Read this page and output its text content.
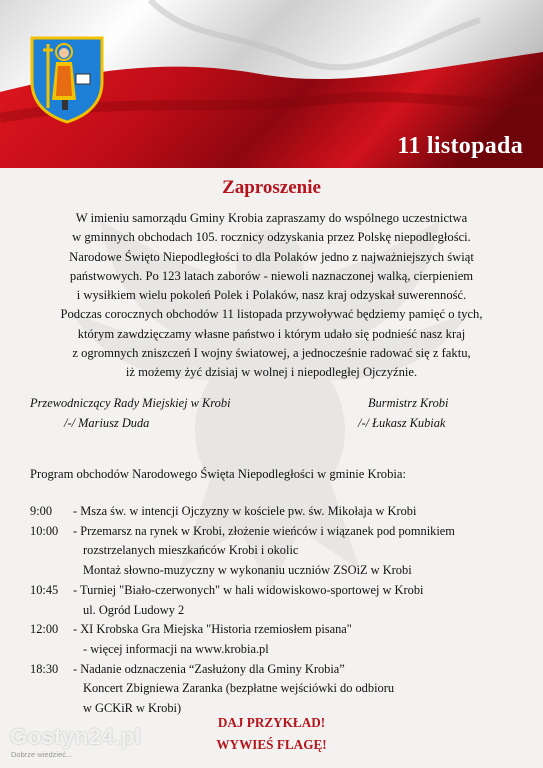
11 listopada
Zaproszenie

W imieniu samorządu Gminy Krobia zapraszamy do wspólnego uczestnictwa

w gminnych obchodach 105. rocznicy odzyskania przez Polskę niepodległości.

Narodowe Święto Niepodległości to dla Polaków jedno z najważniejszych świąt

państwowych. Po 123 latach zaborów - niewoli naznaczonej walką, cierpieniem

i wysiłkiem wielu pokoleń Polek i Polaków, nasz kraj odzyskał suwerenność.

Podczas corocznych obchodów 11 listopada przywoływać będziemy pamięć o tych,

którym zawdzięczamy własne państwo i którym udało się podnieść nasz kraj

z ogromnych zniszczeń I wojny światowej, a jednocześnie radować się z faktu,

iż możemy żyć dzisiaj w wolnej i niepodległej Ojczyźnie.

Przewodniczący Rady Miejskiej w Krobi
/-/ Mariusz Duda
Burmistrz Krobi
/-/ Łukasz Kubiak
Program obchodów Narodowego Święta Niepodległości w gminie Krobia:
9:00	- Msza św. w intencji Ojczyzny w kościele pw. św. Mikołaja w Krobi
10:00	- Przemarsz na rynek w Krobi, złożenie wieńców i wiązanek pod pomnikiem
rozstrzelanych mieszkańców Krobi i okolic
Montaż słowno-muzyczny w wykonaniu uczniów ZSOiZ w Krobi
10:45	- Turniej "Biało-czerwonych" w hali widowiskowo-sportowej w Krobi
ul. Ogród Ludowy 2
12:00	- XI Krobska Gra Miejska "Historia rzemiosłem pisana"
- więcej informacji na www.krobia.pl
18:30	- Nadanie odznaczenia “Zasłużony dla Gminy Krobia”
Koncert Zbigniewa Zaranka (bezpłatne wejściówki do odbioru
w GCKiR w Krobi)
DAJ PRZYKŁAD!
WYWIEŚ FLAGĘ!
Gostyn24.pl
Dobrze wiedzieć...
